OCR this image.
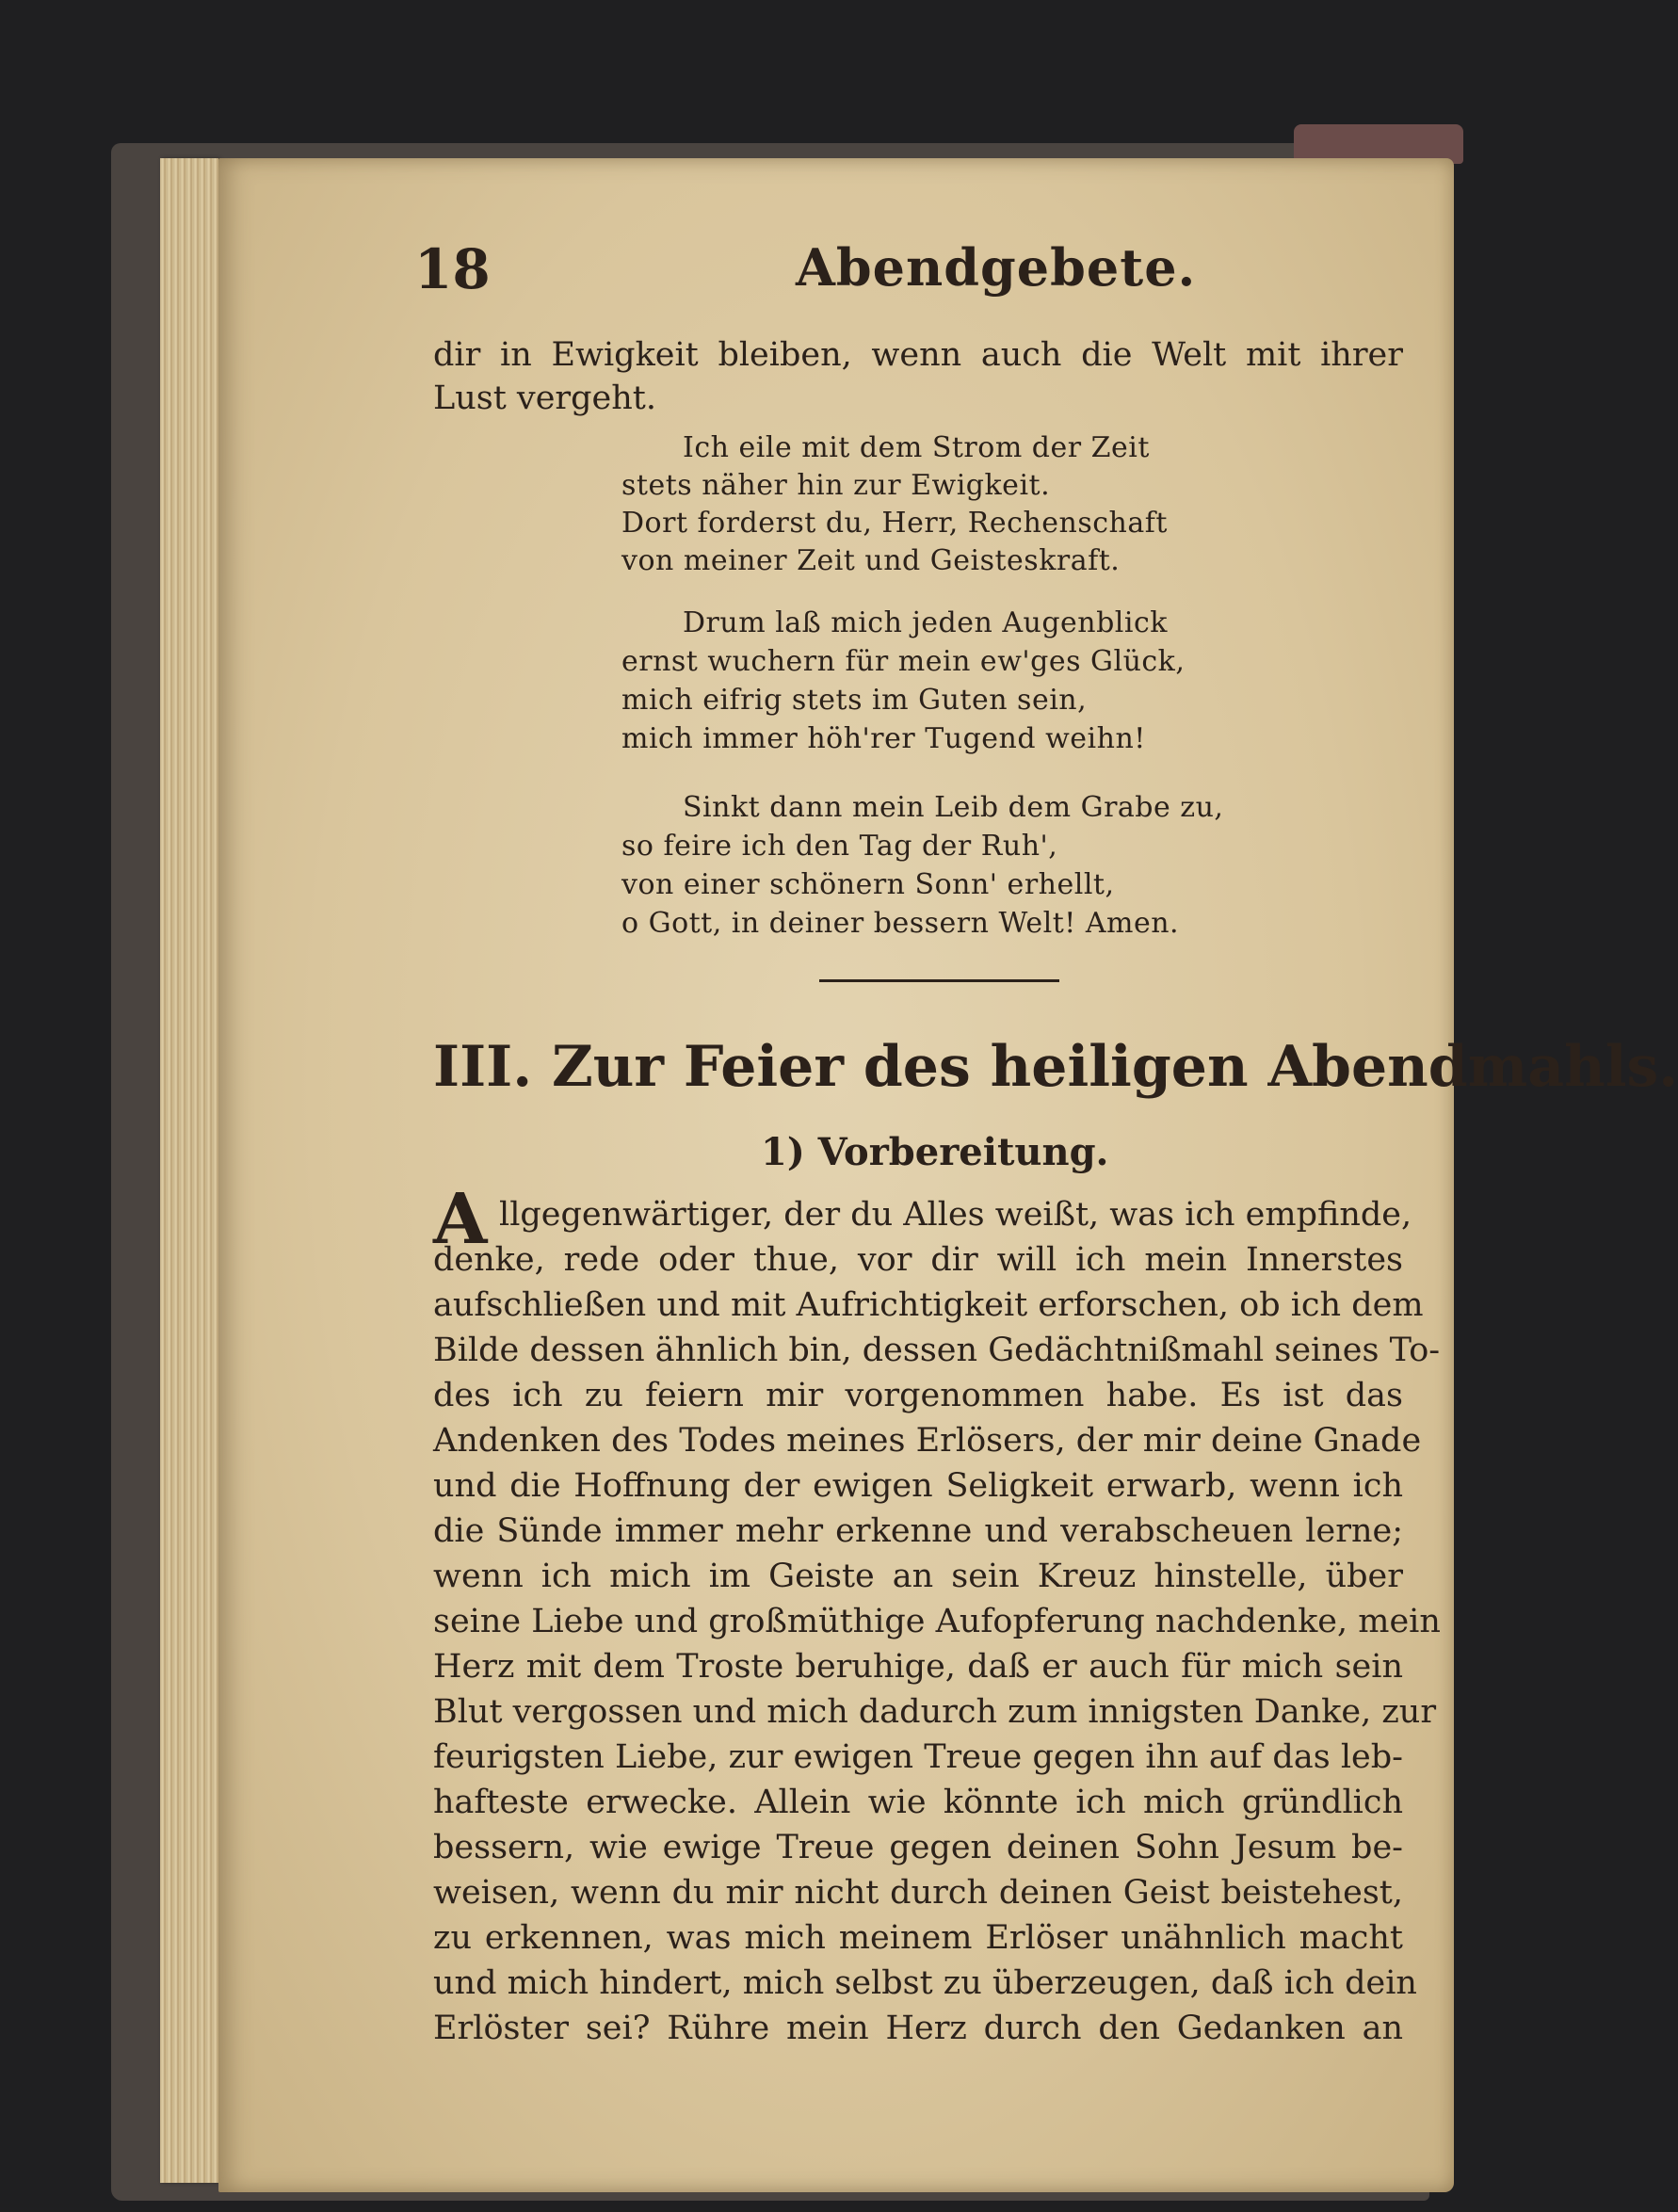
18	Abendgebete.
dir in Ewigkeit bleiben, wenn auch die Welt mit ihrer
Lust vergeht.
Ich eile mit dem Strom der Zeit
stets näher hin zur Ewigkeit.
Dort forderst du, Herr, Rechenschaft
von meiner Zeit und Geisteskraft.
Drum laß mich jeden Augenblick
ernst wuchern für mein ew'ges Glück,
mich eifrig stets im Guten sein,
mich immer höh'rer Tugend weihn!
Sinkt dann mein Leib dem Grabe zu,
so feire ich den Tag der Ruh',
von einer schönern Sonn' erhellt,
o Gott, in deiner bessern Welt! Amen.
III. Zur Feier des heiligen Abendmahls.
1) Vorbereitung.
A llgegenwärtiger, der du Alles weißt, was ich empfinde,
denke, rede oder thue, vor dir will ich mein Innerstes
aufschließen und mit Aufrichtigkeit erforschen, ob ich dem
Bilde dessen ähnlich bin, dessen Gedächtnißmahl seines To-
des ich zu feiern mir vorgenommen habe. Es ist das
Andenken des Todes meines Erlösers, der mir deine Gnade
und die Hoffnung der ewigen Seligkeit erwarb, wenn ich
die Sünde immer mehr erkenne und verabscheuen lerne;
wenn ich mich im Geiste an sein Kreuz hinstelle, über
seine Liebe und großmüthige Aufopferung nachdenke, mein
Herz mit dem Troste beruhige, daß er auch für mich sein
Blut vergossen und mich dadurch zum innigsten Danke, zur
feurigsten Liebe, zur ewigen Treue gegen ihn auf das leb-
hafteste erwecke. Allein wie könnte ich mich gründlich
bessern, wie ewige Treue gegen deinen Sohn Jesum be-
weisen, wenn du mir nicht durch deinen Geist beistehest,
zu erkennen, was mich meinem Erlöser unähnlich macht
und mich hindert, mich selbst zu überzeugen, daß ich dein
Erlöster sei? Rühre mein Herz durch den Gedanken an
